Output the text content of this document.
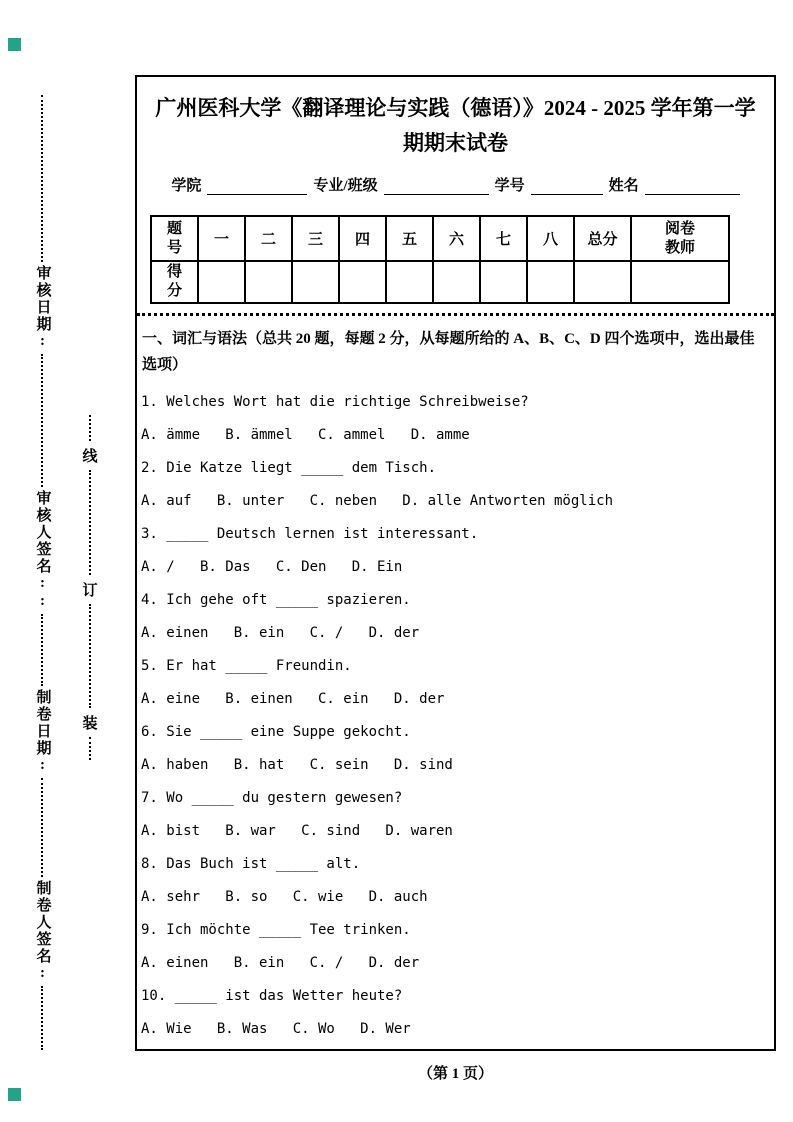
审核日期:
审核人签名::
制卷日期:
制卷人签名:
线
订
装
广州医科大学《翻译理论与实践（德语）》2024 - 2025 学年第一学
期期末试卷
学院	专业/班级	学号	姓名
题号	一	二	三	四	五	六	七	八	总分	阅卷教师

得分										

一、词汇与语法（总共 20 题，每题 2 分，从每题所给的 A、B、C、D 四个选项中，选出最佳选项）
1. Welches Wort hat die richtige Schreibweise?
A. ämme   B. ämmel   C. ammel   D. amme
2. Die Katze liegt _____ dem Tisch.
A. auf   B. unter   C. neben   D. alle Antworten möglich
3. _____ Deutsch lernen ist interessant.
A. /   B. Das   C. Den   D. Ein
4. Ich gehe oft _____ spazieren.
A. einen   B. ein   C. /   D. der
5. Er hat _____ Freundin.
A. eine   B. einen   C. ein   D. der
6. Sie _____ eine Suppe gekocht.
A. haben   B. hat   C. sein   D. sind
7. Wo _____ du gestern gewesen?
A. bist   B. war   C. sind   D. waren
8. Das Buch ist _____ alt.
A. sehr   B. so   C. wie   D. auch
9. Ich möchte _____ Tee trinken.
A. einen   B. ein   C. /   D. der
10. _____ ist das Wetter heute?
A. Wie   B. Was   C. Wo   D. Wer
（第 1 页）
